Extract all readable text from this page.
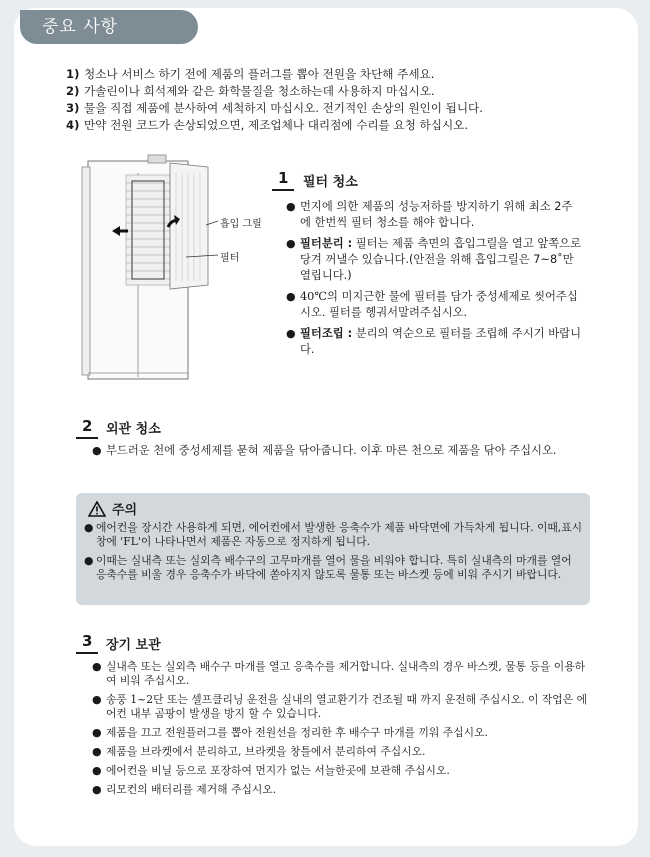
중요 사항
1) 청소나 서비스 하기 전에 제품의 플러그를 뽑아 전원을 차단해 주세요.
2) 가솔린이나 희석제와 같은 화학물질을 청소하는데 사용하지 마십시오.
3) 물을 직접 제품에 분사하여 세척하지 마십시오. 전기적인 손상의 원인이 됩니다.
4) 만약 전원 코드가 손상되었으면, 제조업체나 대리점에 수리를 요청 하십시오.
흡입 그릴
필터
1	필터 청소
● 먼지에 의한 제품의 성능저하를 방지하기 위해 최소 2주에 한번씩 필터 청소를 해야 합니다.
● 필터분리 : 필터는 제품 측면의 흡입그릴을 열고 앞쪽으로 당겨 꺼낼수 있습니다.(안전을 위해 흡입그릴은 7~8˚만 열립니다.)
● 40℃의 미지근한 물에 필터를 담가 중성세제로 씻어주십시오. 필터를 헹궈서말려주십시오.
● 필터조립 : 분리의 역순으로 필터를 조립해 주시기 바랍니다.
2	외관 청소
● 부드러운 천에 중성세제를 묻혀 제품을 닦아줍니다. 이후 마른 천으로 제품을 닦아 주십시오.
주의
● 에어컨을 장시간 사용하게 되면, 에어컨에서 발생한 응축수가 제품 바닥면에 가득차게 됩니다. 이때,표시창에 'FL'이 나타나면서 제품은 자동으로 정지하게 됩니다.
● 이때는 실내측 또는 실외측 배수구의 고무마개를 열어 물을 비워야 합니다. 특히 실내측의 마개를 열어 응축수를 비울 경우 응축수가 바닥에 쏟아지지 않도록 물통 또는 바스켓 등에 비워 주시기 바랍니다.
3	장기 보관
● 실내측 또는 실외측 배수구 마개를 열고 응축수를 제거합니다. 실내측의 경우 바스켓, 물통 등을 이용하여 비워 주십시오.
● 송풍 1~2단 또는 셀프클리닝 운전을 실내의 열교환기가 건조될 때 까지 운전해 주십시오. 이 작업은 에어컨 내부 곰팡이 발생을 방지 할 수 있습니다.
● 제품을 끄고 전원플러그를 뽑아 전원선을 정리한 후 배수구 마개를 끼워 주십시오.
● 제품을 브라켓에서 분리하고, 브라켓을 창틀에서 분리하여 주십시오.
● 에어컨을 비닐 등으로 포장하여 먼지가 없는 서늘한곳에 보관해 주십시오.
● 리모컨의 배터리를 제거해 주십시오.
